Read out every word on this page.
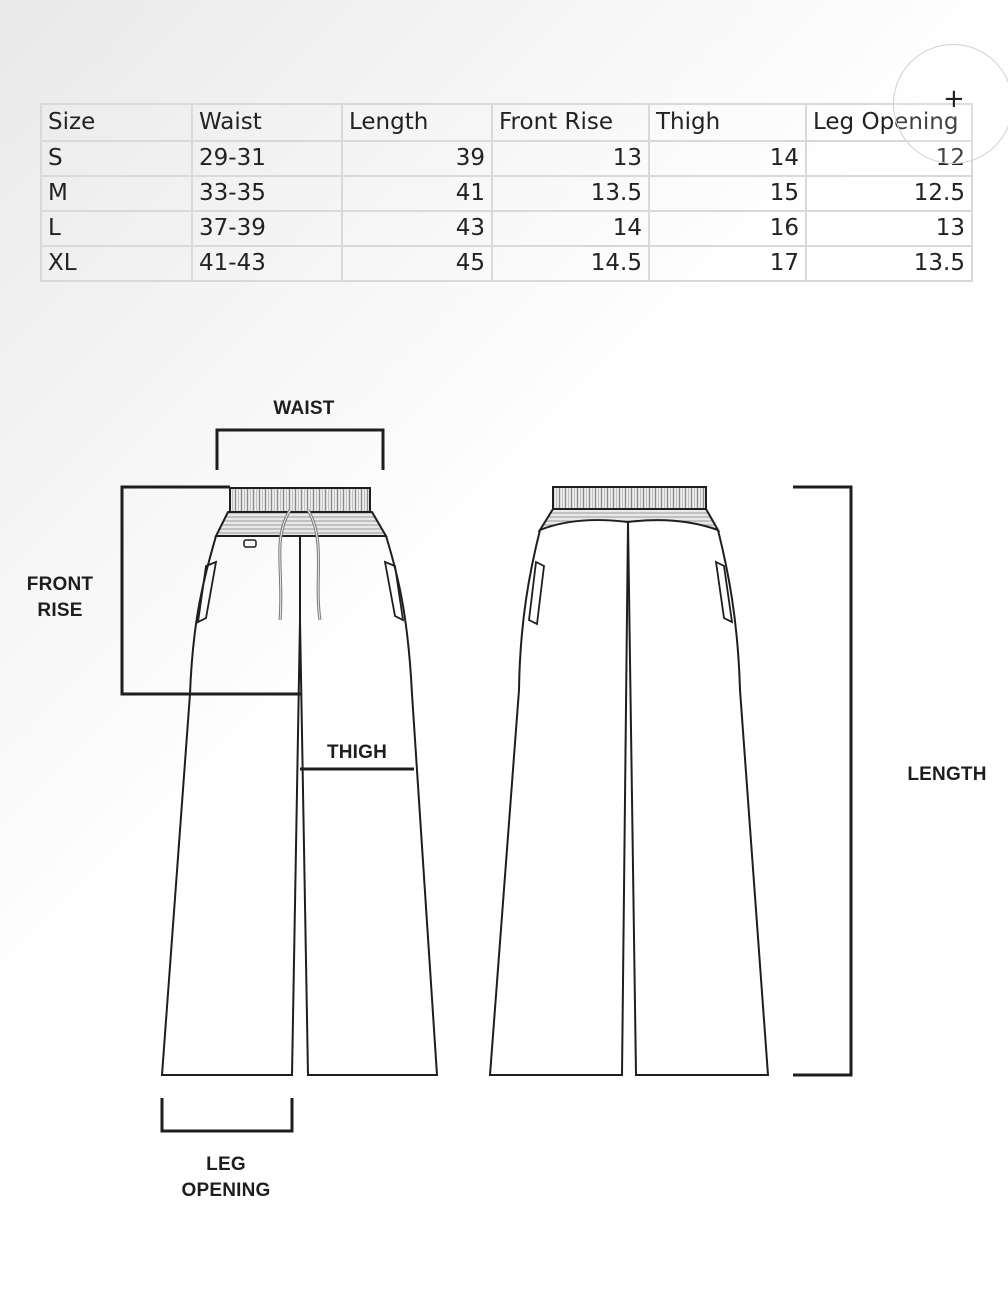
Size	Waist	Length	Front Rise	Thigh	Leg Opening
S	29-31	39	13	14	12
M	33-35	41	13.5	15	12.5
L	37-39	43	14	16	13
XL	41-43	45	14.5	17	13.5
+
WAIST
FRONT
RISE
THIGH
LENGTH
LEG
OPENING
